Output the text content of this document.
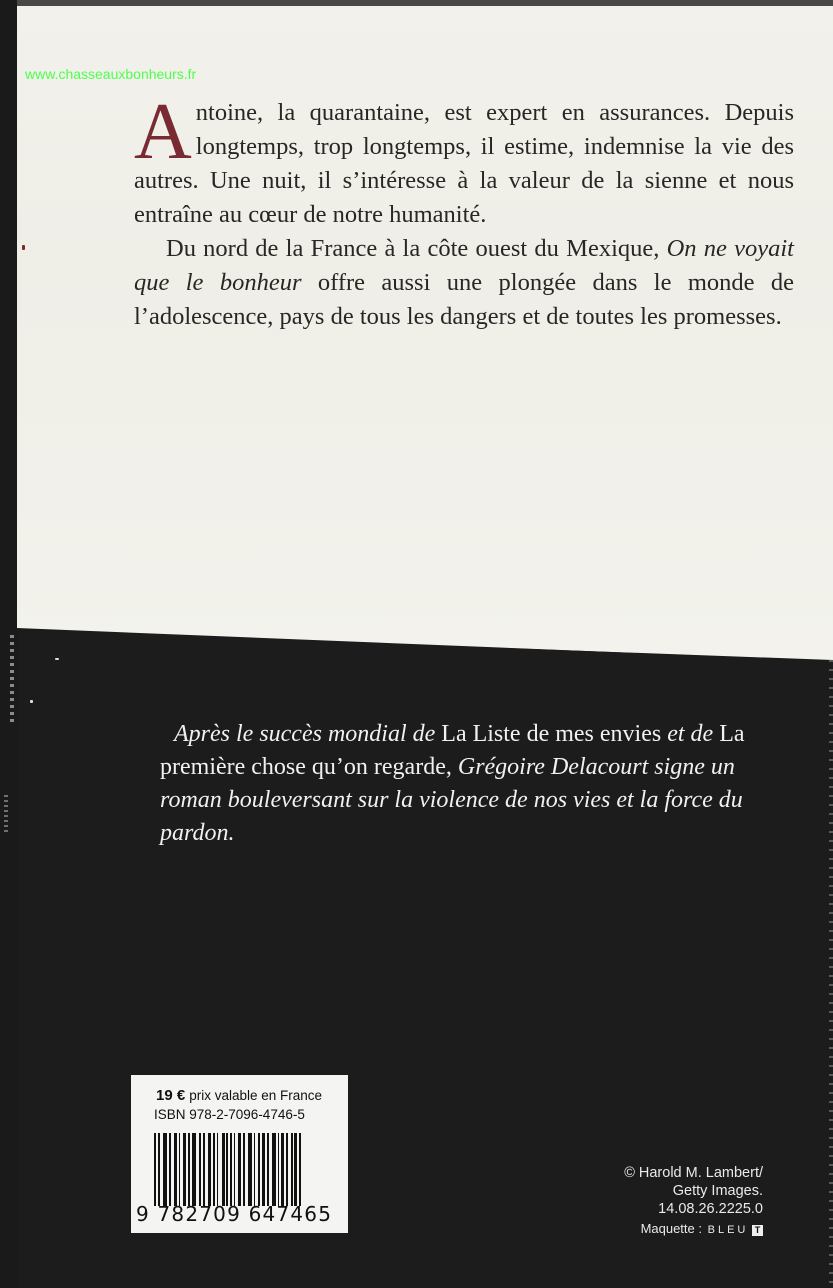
www.chasseauxbonheurs.fr

Antoine, la quarantaine, est expert en assurances. Depuis longtemps, trop longtemps, il estime, indemnise la vie des autres. Une nuit, il s’intéresse à la valeur de la sienne et nous entraîne au cœur de notre humanité.

Du nord de la France à la côte ouest du Mexique, On ne voyait que le bonheur offre aussi une plongée dans le monde de l’adolescence, pays de tous les dangers et de toutes les promesses.

Après le succès mondial de La Liste de mes envies et de La première chose qu’on regarde, Grégoire Delacourt signe un roman bouleversant sur la violence de nos vies et la force du pardon.

19 € prix valable en France
ISBN 978-2-7096-4746-5
9 782709 647465
© Harold M. Lambert/
Getty Images.
14.08.26.2225.0
Maquette : BLEU T
